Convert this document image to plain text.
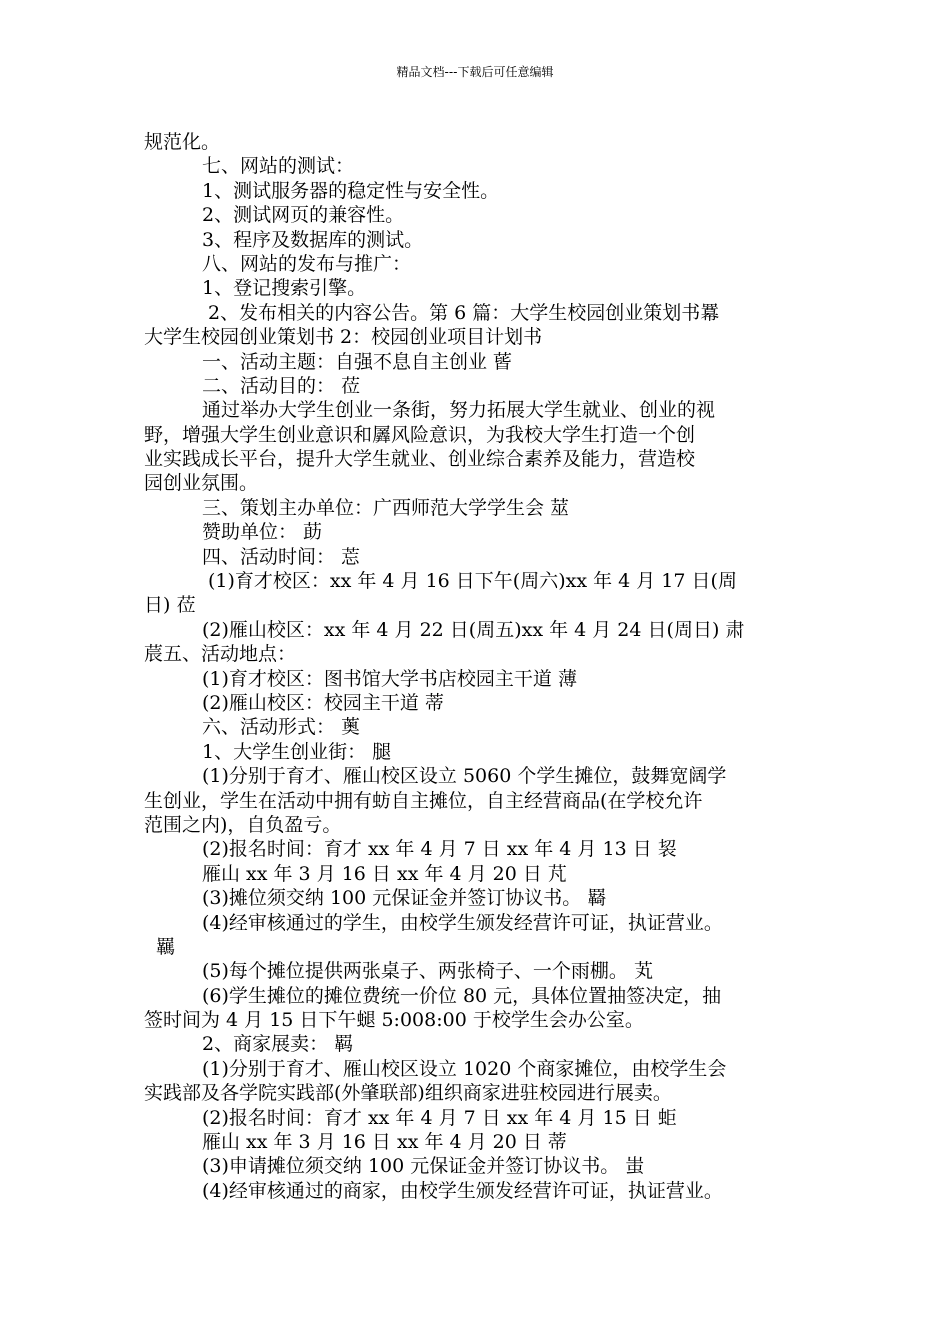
精品文档---下载后可任意编辑
规范化。
七、网站的测试：
1、测试服务器的稳定性与安全性。
2、测试网页的兼容性。
3、程序及数据库的测试。
八、网站的发布与推广：
1、登记搜索引擎。
2、发布相关的内容公告。第 6 篇：大学生校园创业策划书羃
大学生校园创业策划书 2：校园创业项目计划书
一、活动主题：自强不息自主创业 蒈
二、活动目的： 莅
通过举办大学生创业一条街，努力拓展大学生就业、创业的视
野，增强大学生创业意识和羼风险意识，为我校大学生打造一个创
业实践成长平台，提升大学生就业、创业综合素养及能力，营造校
园创业氛围。
三、策划主办单位：广西师范大学学生会 莁
赞助单位： 莇
四、活动时间： 莣
(1)育才校区：xx 年 4 月 16 日下午(周六)xx 年 4 月 17 日(周
日) 莅
(2)雁山校区：xx 年 4 月 22 日(周五)xx 年 4 月 24 日(周日) 肃
莀五、活动地点：
(1)育才校区：图书馆大学书店校园主干道 薄
(2)雁山校区：校园主干道 蒂
六、活动形式： 薁
1、大学生创业街： 腿
(1)分别于育才、雁山校区设立 5060 个学生摊位，鼓舞宽阔学
生创业，学生在活动中拥有蚄自主摊位，自主经营商品(在学校允许
范围之内)，自负盈亏。
(2)报名时间：育才 xx 年 4 月 7 日 xx 年 4 月 13 日 袃
雁山 xx 年 3 月 16 日 xx 年 4 月 20 日 芃
(3)摊位须交纳 100 元保证金并签订协议书。 羇
(4)经审核通过的学生，由校学生颁发经营许可证，执证营业。
羈
(5)每个摊位提供两张桌子、两张椅子、一个雨棚。 芄
(6)学生摊位的摊位费统一价位 80 元，具体位置抽签决定，抽
签时间为 4 月 15 日下午螁 5:008:00 于校学生会办公室。
2、商家展卖： 羁
(1)分别于育才、雁山校区设立 1020 个商家摊位，由校学生会
实践部及各学院实践部(外肇联部)组织商家进驻校园进行展卖。
(2)报名时间：育才 xx 年 4 月 7 日 xx 年 4 月 15 日 蚷
雁山 xx 年 3 月 16 日 xx 年 4 月 20 日 蒂
(3)申请摊位须交纳 100 元保证金并签订协议书。 蚩
(4)经审核通过的商家，由校学生颁发经营许可证，执证营业。
